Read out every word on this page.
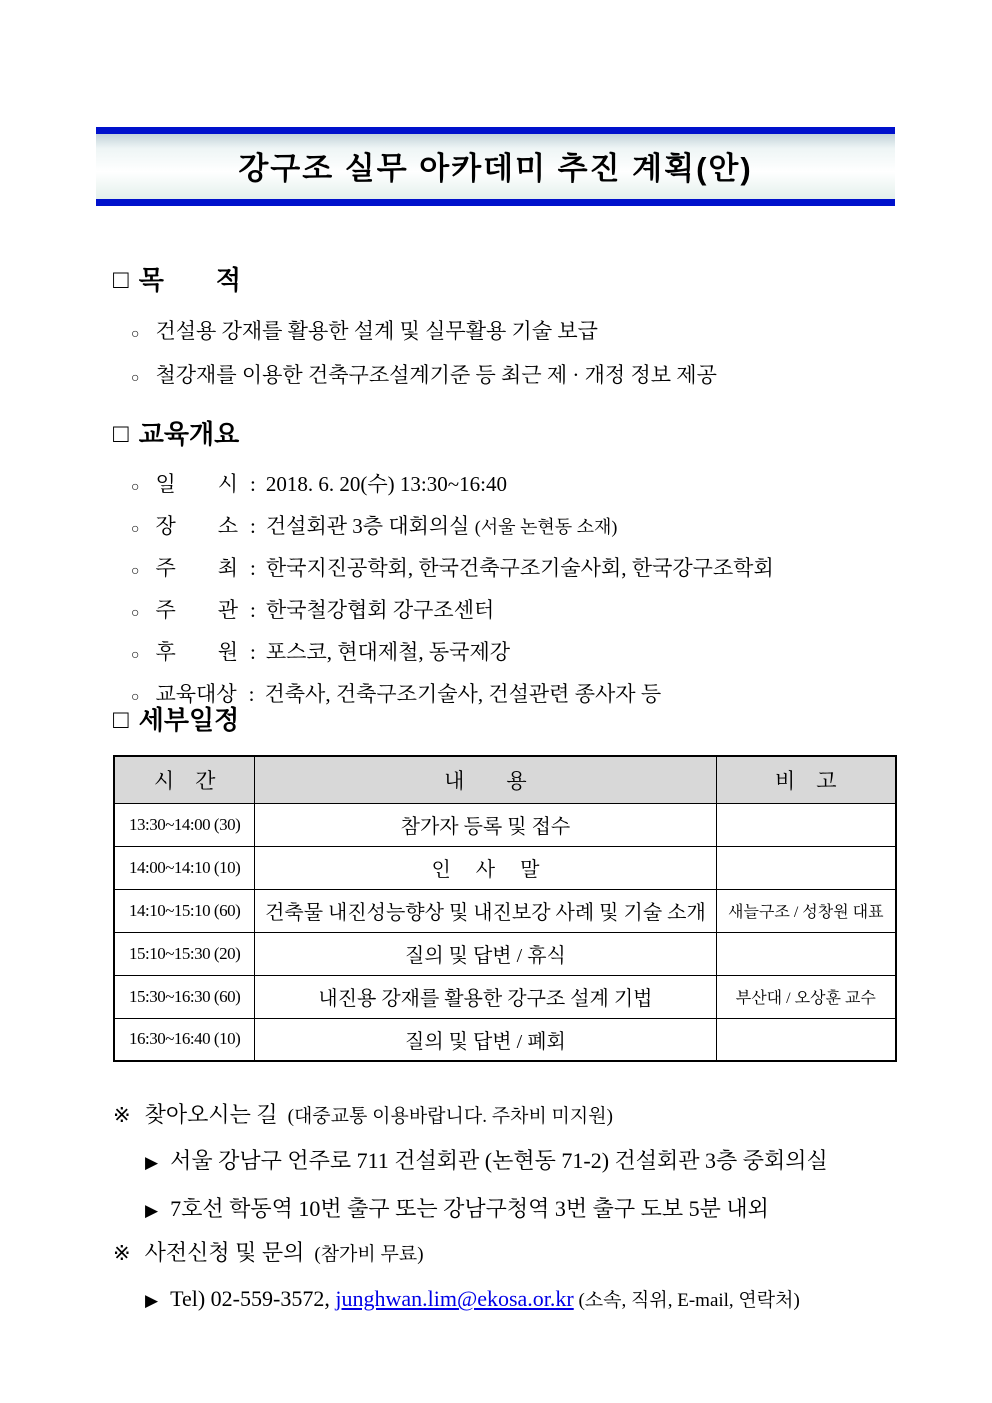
강구조 실무 아카데미 추진 계획(안)
□ 목　　적
○ 건설용 강재를 활용한 설계 및 실무활용 기술 보급
○ 철강재를 이용한 건축구조설계기준 등 최근 제 · 개정 정보 제공
□ 교육개요
○ 일　　시 : 2018. 6. 20(수) 13:30~16:40
○ 장　　소 : 건설회관 3층 대회의실
(서울 논현동 소재)
○ 주　　최 : 한국지진공학회, 한국건축구조기술사회, 한국강구조학회
○ 주　　관 : 한국철강협회 강구조센터
○ 후　　원 : 포스코, 현대제철, 동국제강
○ 교육대상 : 건축사, 건축구조기술사, 건설관련 종사자 등
□ 세부일정
시　간	내　　용	비　고
13:30~14:00 (30)	참가자 등록 및 접수	
14:00~14:10 (10)	인　 사　 말	
14:10~15:10 (60)	건축물 내진성능향상 및 내진보강 사례 및 기술 소개	새늘구조 / 성창원 대표
15:10~15:30 (20)	질의 및 답변 / 휴식	
15:30~16:30 (60)	내진용 강재를 활용한 강구조 설계 기법	부산대 / 오상훈 교수
16:30~16:40 (10)	질의 및 답변 / 폐회	
※ 찾아오시는 길 (대중교통 이용바랍니다. 주차비 미지원)
▶ 서울 강남구 언주로 711 건설회관 (논현동 71-2) 건설회관 3층 중회의실
▶ 7호선 학동역 10번 출구 또는 강남구청역 3번 출구 도보 5분 내외
※ 사전신청 및 문의 (참가비 무료)
▶ Tel) 02-559-3572, junghwan.lim@ekosa.or.kr (소속, 직위, E-mail, 연락처)
